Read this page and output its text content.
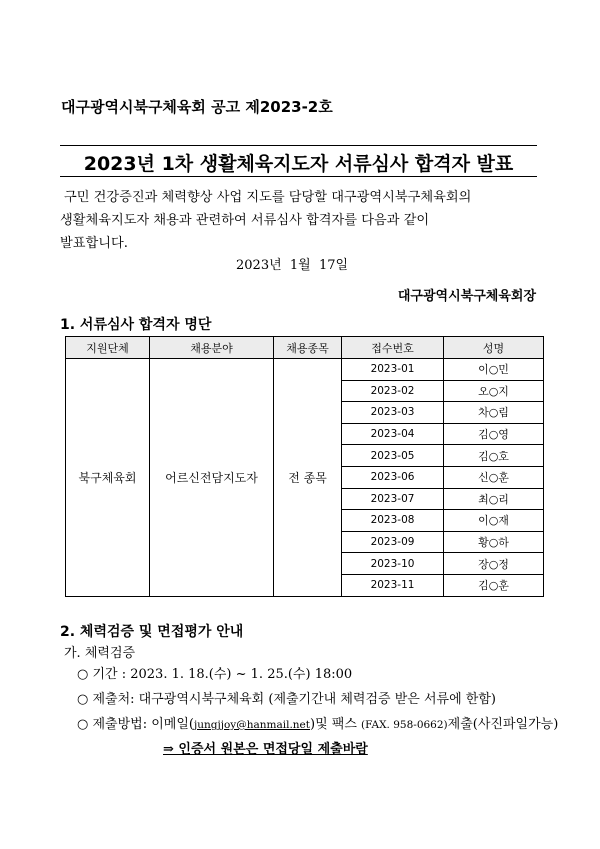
대구광역시북구체육회 공고 제2023-2호
2023년 1차 생활체육지도자 서류심사 합격자 발표
구민 건강증진과 체력향상 사업 지도를 담당할 대구광역시북구체육회의
생활체육지도자 채용과 관련하여 서류심사 합격자를 다음과 같이
발표합니다.
2023년  1월  17일
대구광역시북구체육회장
1. 서류심사 합격자 명단
지원단체	채용분야	채용종목	접수번호	성명
북구체육회	어르신전담지도자	전 종목	2023-01	이○민
			2023-02	오○지
			2023-03	차○림
			2023-04	김○영
			2023-05	김○호
			2023-06	신○훈
			2023-07	최○리
			2023-08	이○재
			2023-09	황○하
			2023-10	장○정
			2023-11	김○훈
2. 체력검증 및 면접평가 안내
가. 체력검증
○ 기간 : 2023. 1. 18.(수) ~ 1. 25.(수) 18:00
○ 제출처: 대구광역시북구체육회 (제출기간내 체력검증 받은 서류에 한함)
○ 제출방법: 이메일(jungjjoy@hanmail.net)및 팩스 (FAX. 958-0662)제출(사진파일가능)
⇒ 인증서 원본은 면접당일 제출바람
